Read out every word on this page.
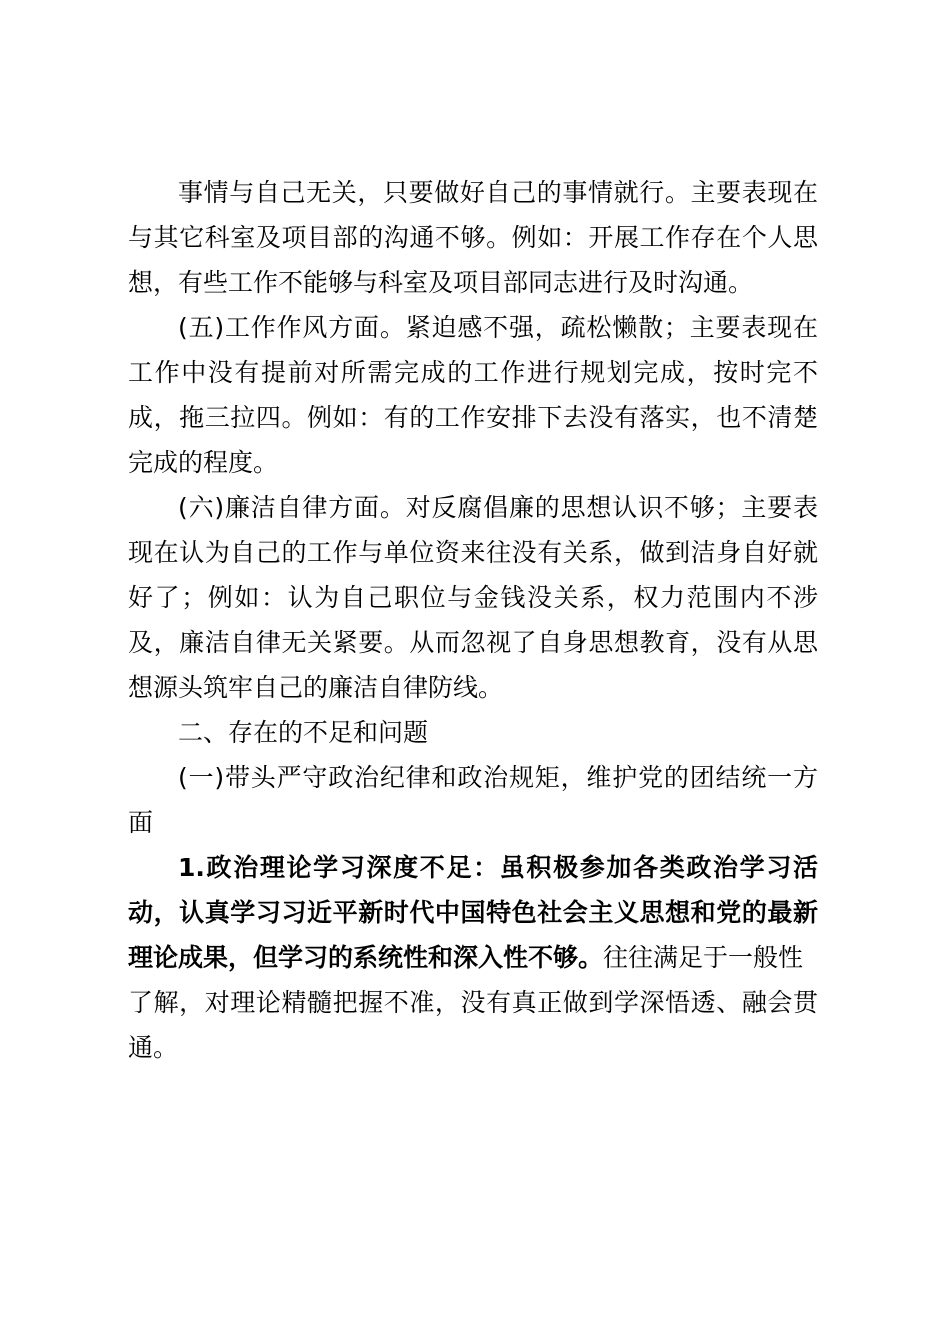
事情与自己无关，只要做好自己的事情就行。主要表现在
与其它科室及项目部的沟通不够。例如：开展工作存在个人思
想，有些工作不能够与科室及项目部同志进行及时沟通。
(五)工作作风方面。紧迫感不强，疏松懒散；主要表现在
工作中没有提前对所需完成的工作进行规划完成，按时完不
成，拖三拉四。例如：有的工作安排下去没有落实，也不清楚
完成的程度。
(六)廉洁自律方面。对反腐倡廉的思想认识不够；主要表
现在认为自己的工作与单位资来往没有关系，做到洁身自好就
好了；例如：认为自己职位与金钱没关系，权力范围内不涉
及，廉洁自律无关紧要。从而忽视了自身思想教育，没有从思
想源头筑牢自己的廉洁自律防线。
二、存在的不足和问题
(一)带头严守政治纪律和政治规矩，维护党的团结统一方
面
1.政治理论学习深度不足：虽积极参加各类政治学习活
动，认真学习习近平新时代中国特色社会主义思想和党的最新
理论成果，但学习的系统性和深入性不够。往往满足于一般性
了解，对理论精髓把握不准，没有真正做到学深悟透、融会贯
通。
